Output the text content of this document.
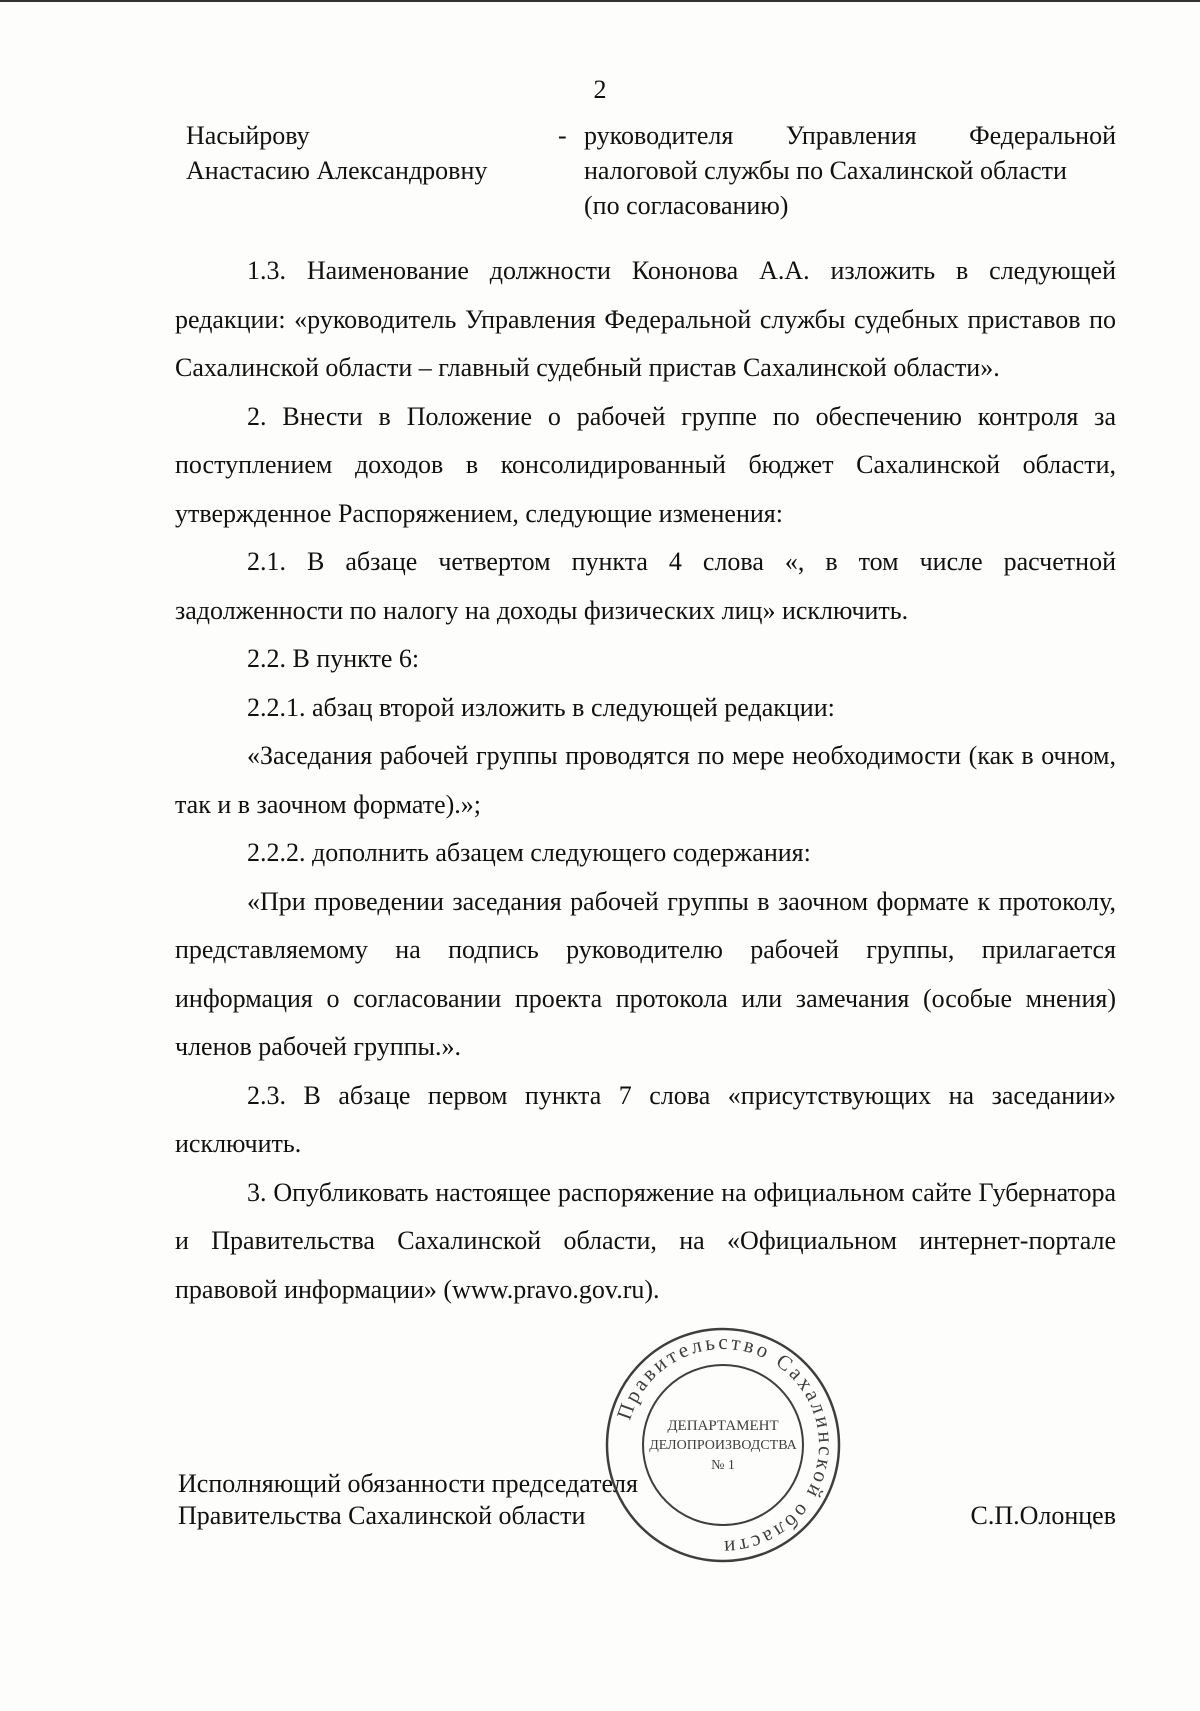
2
Насыйрову
Анастасию Александровну
- руководителя Управления Федеральной
налоговой службы по Сахалинской области
(по согласованию)

1.3. Наименование должности Кононова А.А. изложить в следующей редакции: «руководитель Управления Федеральной службы судебных приставов по Сахалинской области – главный судебный пристав Сахалинской области».

2. Внести в Положение о рабочей группе по обеспечению контроля за поступлением доходов в консолидированный бюджет Сахалинской области, утвержденное Распоряжением, следующие изменения:

2.1. В абзаце четвертом пункта 4 слова «, в том числе расчетной задолженности по налогу на доходы физических лиц» исключить.

2.2. В пункте 6:

2.2.1. абзац второй изложить в следующей редакции:

«Заседания рабочей группы проводятся по мере необходимости (как в очном, так и в заочном формате).»;

2.2.2. дополнить абзацем следующего содержания:

«При проведении заседания рабочей группы в заочном формате к протоколу, представляемому на подпись руководителю рабочей группы, прилагается информация о согласовании проекта протокола или замечания (особые мнения) членов рабочей группы.».

2.3. В абзаце первом пункта 7 слова «присутствующих на заседании» исключить.

3. Опубликовать настоящее распоряжение на официальном сайте Губернатора и Правительства Сахалинской области, на «Официальном интернет-портале правовой информации» (www.pravo.gov.ru).

Исполняющий обязанности председателя
Правительства Сахалинской области	С.П.Олонцев
Правительство Сахалинской области
ДЕПАРТАМЕНТ
ДЕЛОПРОИЗВОДСТВА
№ 1
